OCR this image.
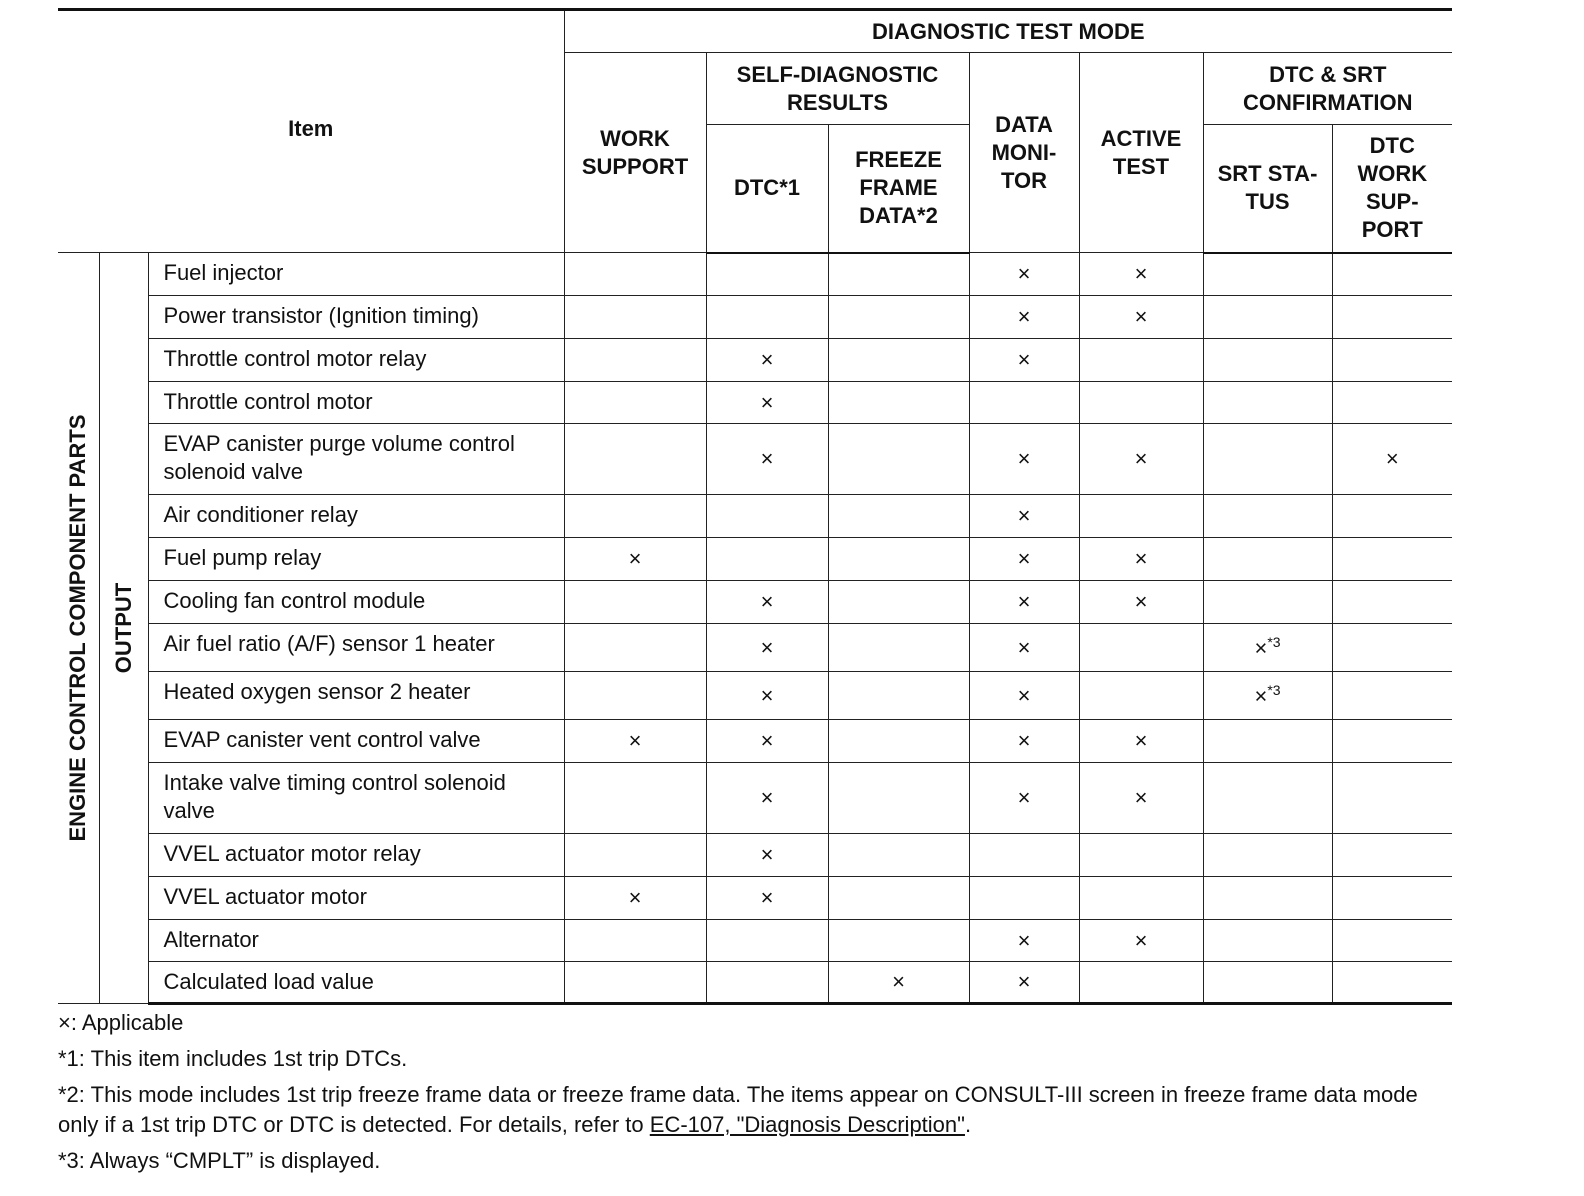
Item			DIAGNOSTIC TEST MODE						
			WORK SUPPORT	SELF-DIAGNOSTIC RESULTS		DATA MONI- TOR	ACTIVE TEST	DTC & SRT CONFIRMATION	
				DTC*1	FREEZE FRAME DATA*2			SRT STA- TUS	DTC WORK SUP- PORT

ENGINE CONTROL COMPONENT PARTS	OUTPUT	Fuel injector				×	×		
		Power transistor (Ignition timing)				×	×		
		Throttle control motor relay		×		×			
		Throttle control motor		×					
		EVAP canister purge volume control solenoid valve		×		×	×		×
		Air conditioner relay				×			
		Fuel pump relay	×			×	×		
		Cooling fan control module		×		×	×		
		Air fuel ratio (A/F) sensor 1 heater		×		×		×$^{*3}$	
		Heated oxygen sensor 2 heater		×		×		×$^{*3}$	
		EVAP canister vent control valve	×	×		×	×		
		Intake valve timing control solenoid valve		×		×	×		
		VVEL actuator motor relay		×					
		VVEL actuator motor	×	×					
		Alternator				×	×		
		Calculated load value			×	×			

×: Applicable

*1: This item includes 1st trip DTCs.

*2: This mode includes 1st trip freeze frame data or freeze frame data. The items appear on CONSULT-III screen in freeze frame data mode only if a 1st trip DTC or DTC is detected. For details, refer to EC-107, "Diagnosis Description".

*3: Always “CMPLT” is displayed.
